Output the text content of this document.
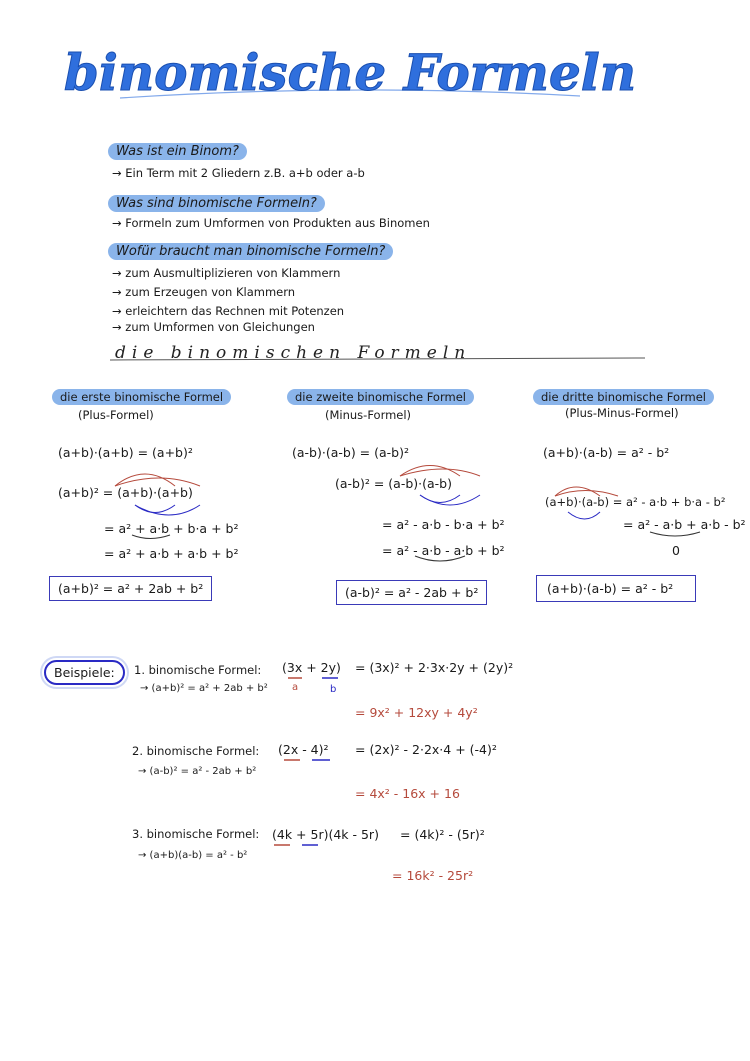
binomische Formeln
Was ist ein Binom?
→ Ein Term mit 2 Gliedern z.B. a+b oder a-b
Was sind binomische Formeln?
→ Formeln zum Umformen von Produkten aus Binomen
Wofür braucht man binomische Formeln?
→ zum Ausmultiplizieren von Klammern
→ zum Erzeugen von Klammern
→ erleichtern das Rechnen mit Potenzen
→ zum Umformen von Gleichungen
die binomischen Formeln
die erste binomische Formel
(Plus-Formel)
(a+b)·(a+b) = (a+b)²
(a+b)² = (a+b)·(a+b)
= a² + a·b + b·a + b²
= a² + a·b + a·b + b²
(a+b)² = a² + 2ab + b²
die zweite binomische Formel
(Minus-Formel)
(a-b)·(a-b) = (a-b)²
(a-b)² = (a-b)·(a-b)
= a² - a·b - b·a + b²
= a² - a·b - a·b + b²
(a-b)² = a² - 2ab + b²
die dritte binomische Formel
(Plus-Minus-Formel)
(a+b)·(a-b) = a² - b²
(a+b)·(a-b) = a² - a·b + b·a - b²
= a² - a·b + a·b - b²
0
(a+b)·(a-b) = a² - b²
Beispiele:	1. binomische Formel:
→ (a+b)² = a² + 2ab + b²
(3x + 2y)
a	b
= (3x)² + 2·3x·2y + (2y)²
= 9x² + 12xy + 4y²
2. binomische Formel:
→ (a-b)² = a² - 2ab + b²
(2x - 4)² = (2x)² - 2·2x·4 + (-4)²
= 4x² - 16x + 16
3. binomische Formel:
→ (a+b)(a-b) = a² - b²
(4k + 5r)(4k - 5r) = (4k)² - (5r)²
= 16k² - 25r²
